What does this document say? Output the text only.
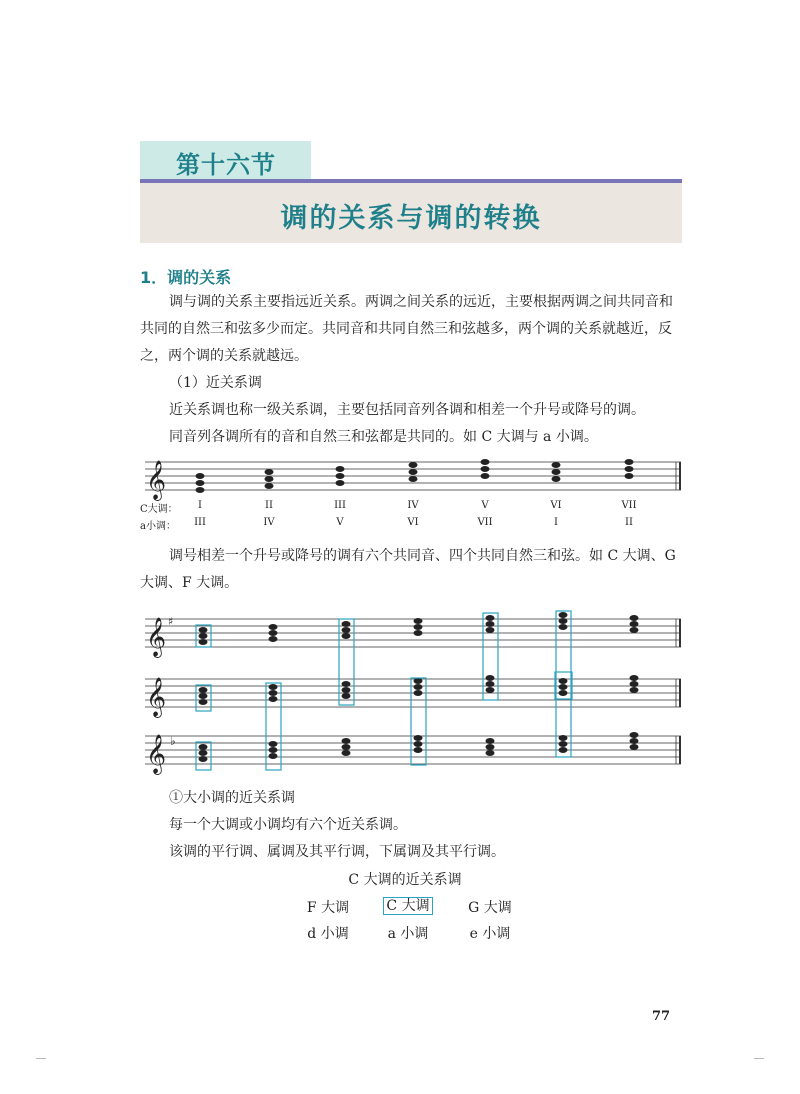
第十六节
调的关系与调的转换
1．调的关系
调与调的关系主要指远近关系。两调之间关系的远近，主要根据两调之间共同音和共同的自然三和弦多少而定。共同音和共同自然三和弦越多，两个调的关系就越近，反之，两个调的关系就越远。
（1）近关系调
近关系调也称一级关系调，主要包括同音列各调和相差一个升号或降号的调。
同音列各调所有的音和自然三和弦都是共同的。如 C 大调与 a 小调。
𝄞
C大调：
a小调：
I	II	III	IV	V	VI	VII
III	IV	V	VI	VII	I	II
调号相差一个升号或降号的调有六个共同音、四个共同自然三和弦。如 C 大调、G 大调、F 大调。
𝄞 ♯
𝄞
𝄞 ♭
①大小调的近关系调
每一个大调或小调均有六个近关系调。
该调的平行调、属调及其平行调，下属调及其平行调。
C 大调的近关系调
F 大调	C 大调	G 大调
d 小调	a 小调	e 小调
77
